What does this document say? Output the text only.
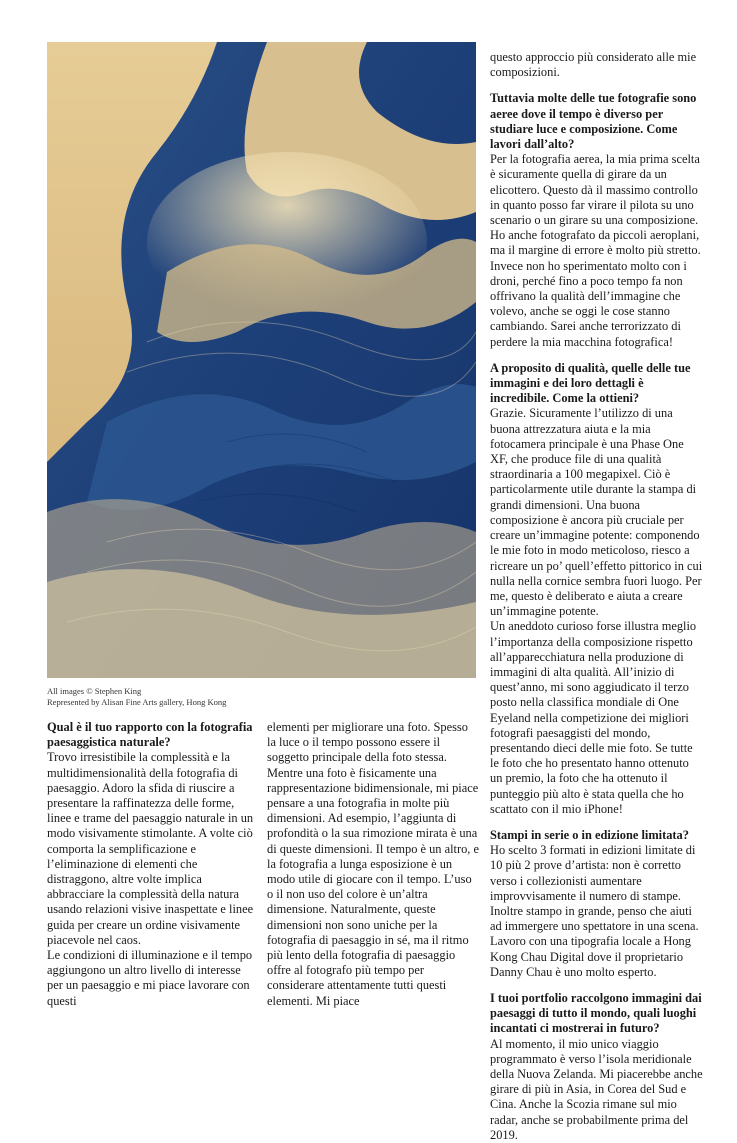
All images © Stephen King
Represented by Alisan Fine Arts gallery, Hong Kong
Qual è il tuo rapporto con la fotografia paesaggistica naturale?

Trovo irresistibile la complessità e la multidimensionalità della fotografia di paesaggio. Adoro la sfida di riuscire a presentare la raffinatezza delle forme, linee e trame del paesaggio naturale in un modo visivamente stimolante. A volte ciò comporta la semplificazione e l’eliminazione di elementi che distraggono, altre volte implica abbracciare la complessità della natura usando relazioni visive inaspettate e linee guida per creare un ordine visivamente piacevole nel caos.

Le condizioni di illuminazione e il tempo aggiungono un altro livello di interesse per un paesaggio e mi piace lavorare con questi

elementi per migliorare una foto. Spesso la luce o il tempo possono essere il soggetto principale della foto stessa.

Mentre una foto è fisicamente una rappresentazione bidimensionale, mi piace pensare a una fotografia in molte più dimensioni. Ad esempio, l’aggiunta di profondità o la sua rimozione mirata è una di queste dimensioni. Il tempo è un altro, e la fotografia a lunga esposizione è un modo utile di giocare con il tempo. L’uso o il non uso del colore è un’altra dimensione. Naturalmente, queste dimensioni non sono uniche per la fotografia di paesaggio in sé, ma il ritmo più lento della fotografia di paesaggio offre al fotografo più tempo per considerare attentamente tutti questi elementi. Mi piace

questo approccio più considerato alle mie composizioni.

Tuttavia molte delle tue fotografie sono aeree dove il tempo è diverso per studiare luce e composizione. Come lavori dall’alto?

Per la fotografia aerea, la mia prima scelta è sicuramente quella di girare da un elicottero. Questo dà il massimo controllo in quanto posso far virare il pilota su uno scenario o un girare su una composizione. Ho anche fotografato da piccoli aeroplani, ma il margine di errore è molto più stretto. Invece non ho sperimentato molto con i droni, perché fino a poco tempo fa non offrivano la qualità dell’immagine che volevo, anche se oggi le cose stanno cambiando. Sarei anche terrorizzato di perdere la mia macchina fotografica!

A proposito di qualità, quelle delle tue immagini e dei loro dettagli è incredibile. Come la ottieni?

Grazie. Sicuramente l’utilizzo di una buona attrezzatura aiuta e la mia fotocamera principale è una Phase One XF, che produce file di una qualità straordinaria a 100 megapixel. Ciò è particolarmente utile durante la stampa di grandi dimensioni. Una buona composizione è ancora più cruciale per creare un’immagine potente: componendo le mie foto in modo meticoloso, riesco a ricreare un po’ quell’effetto pittorico in cui nulla nella cornice sembra fuori luogo. Per me, questo è deliberato e aiuta a creare un’immagine potente.

Un aneddoto curioso forse illustra meglio l’importanza della composizione rispetto all’apparecchiatura nella produzione di immagini di alta qualità. All’inizio di quest’anno, mi sono aggiudicato il terzo posto nella classifica mondiale di One Eyeland nella competizione dei migliori fotografi paesaggisti del mondo, presentando dieci delle mie foto. Se tutte le foto che ho presentato hanno ottenuto un premio, la foto che ha ottenuto il punteggio più alto è stata quella che ho scattato con il mio iPhone!

Stampi in serie o in edizione limitata?

Ho scelto 3 formati in edizioni limitate di 10 più 2 prove d’artista: non è corretto verso i collezionisti aumentare improvvisamente il numero di stampe. Inoltre stampo in grande, penso che aiuti ad immergere uno spettatore in una scena. Lavoro con una tipografia locale a Hong Kong Chau Digital dove il proprietario Danny Chau è uno molto esperto.

I tuoi portfolio raccolgono immagini dai paesaggi di tutto il mondo, quali luoghi incantati ci mostrerai in futuro?

Al momento, il mio unico viaggio programmato è verso l’isola meridionale della Nuova Zelanda. Mi piacerebbe anche girare di più in Asia, in Corea del Sud e Cina. Anche la Scozia rimane sul mio radar, anche se probabilmente prima del 2019.
